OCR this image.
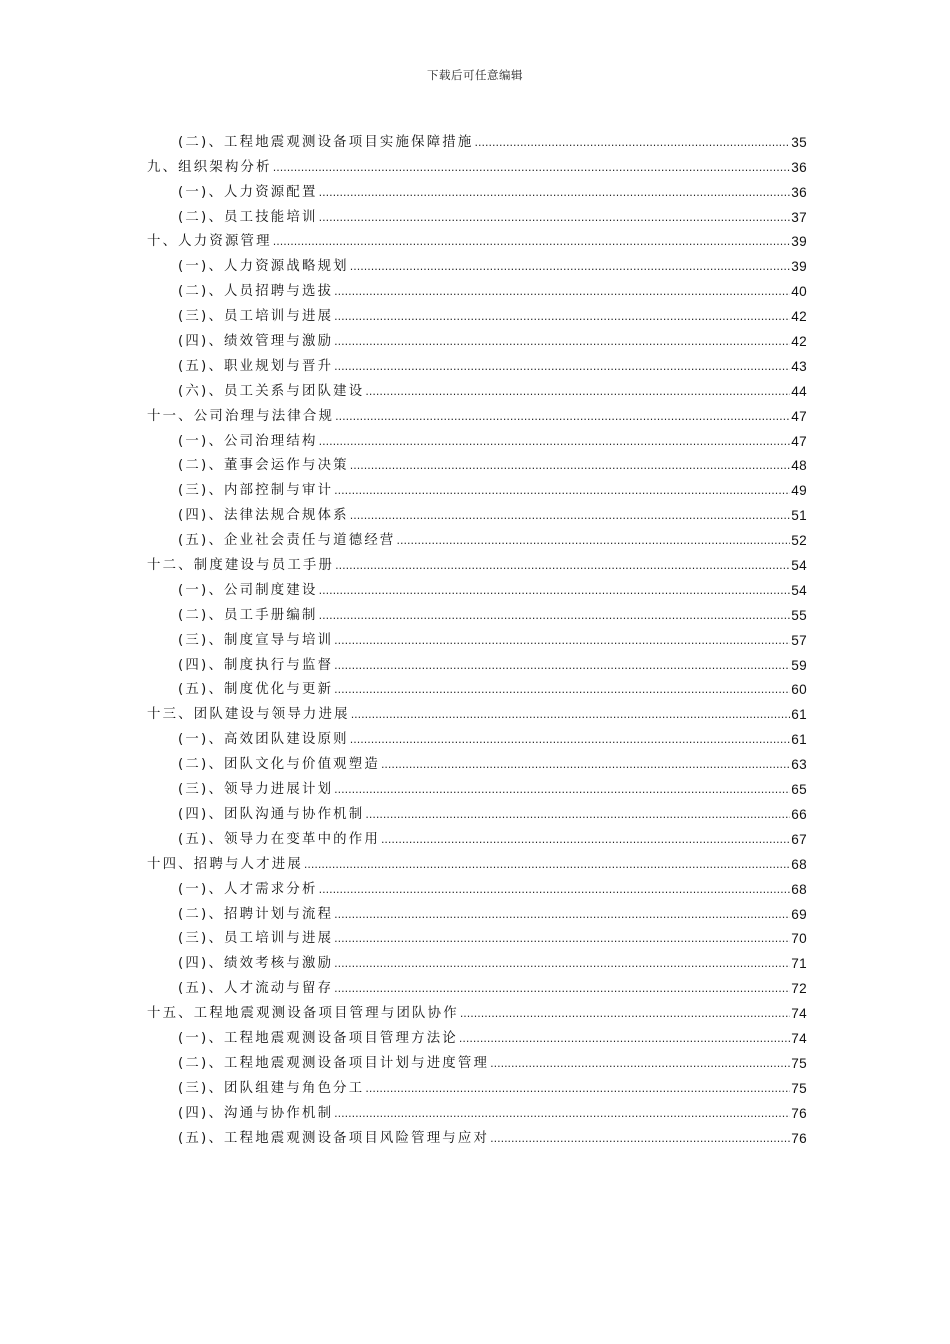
下载后可任意编辑
(二)、工程地震观测设备项目实施保障措施 .....	35
九、组织架构分析 .....	36
(一)、人力资源配置 .....	36
(二)、员工技能培训 .....	37
十、人力资源管理 .....	39
(一)、人力资源战略规划 .....	39
(二)、人员招聘与选拔 .....	40
(三)、员工培训与进展 .....	42
(四)、绩效管理与激励 .....	42
(五)、职业规划与晋升 .....	43
(六)、员工关系与团队建设 .....	44
十一、公司治理与法律合规 .....	47
(一)、公司治理结构 .....	47
(二)、董事会运作与决策 .....	48
(三)、内部控制与审计 .....	49
(四)、法律法规合规体系 .....	51
(五)、企业社会责任与道德经营 .....	52
十二、制度建设与员工手册 .....	54
(一)、公司制度建设 .....	54
(二)、员工手册编制 .....	55
(三)、制度宣导与培训 .....	57
(四)、制度执行与监督 .....	59
(五)、制度优化与更新 .....	60
十三、团队建设与领导力进展 .....	61
(一)、高效团队建设原则 .....	61
(二)、团队文化与价值观塑造 .....	63
(三)、领导力进展计划 .....	65
(四)、团队沟通与协作机制 .....	66
(五)、领导力在变革中的作用 .....	67
十四、招聘与人才进展 .....	68
(一)、人才需求分析 .....	68
(二)、招聘计划与流程 .....	69
(三)、员工培训与进展 .....	70
(四)、绩效考核与激励 .....	71
(五)、人才流动与留存 .....	72
十五、工程地震观测设备项目管理与团队协作 .....	74
(一)、工程地震观测设备项目管理方法论 .....	74
(二)、工程地震观测设备项目计划与进度管理 .....	75
(三)、团队组建与角色分工 .....	75
(四)、沟通与协作机制 .....	76
(五)、工程地震观测设备项目风险管理与应对 .....	76
